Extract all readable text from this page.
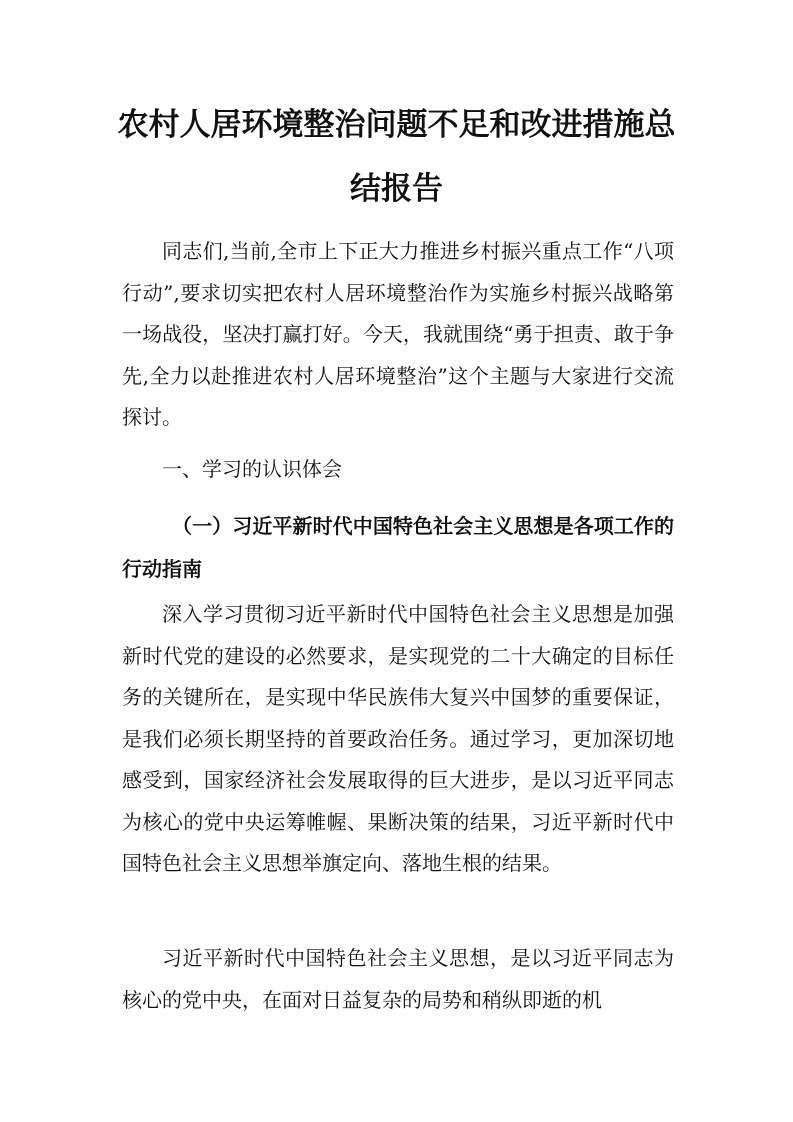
农村人居环境整治问题不足和改进措施总
结报告
同志们,当前,全市上下正大力推进乡村振兴重点工作“八项行动”,要求切实把农村人居环境整治作为实施乡村振兴战略第一场战役，坚决打赢打好。今天，我就围绕“勇于担责、敢于争先,全力以赴推进农村人居环境整治”这个主题与大家进行交流探讨。
一、学习的认识体会
（一）习近平新时代中国特色社会主义思想是各项工作的行动指南
深入学习贯彻习近平新时代中国特色社会主义思想是加强新时代党的建设的必然要求，是实现党的二十大确定的目标任务的关键所在，是实现中华民族伟大复兴中国梦的重要保证，是我们必须长期坚持的首要政治任务。通过学习，更加深切地感受到，国家经济社会发展取得的巨大进步，是以习近平同志为核心的党中央运筹帷幄、果断决策的结果，习近平新时代中国特色社会主义思想举旗定向、落地生根的结果。
习近平新时代中国特色社会主义思想，是以习近平同志为核心的党中央，在面对日益复杂的局势和稍纵即逝的机
